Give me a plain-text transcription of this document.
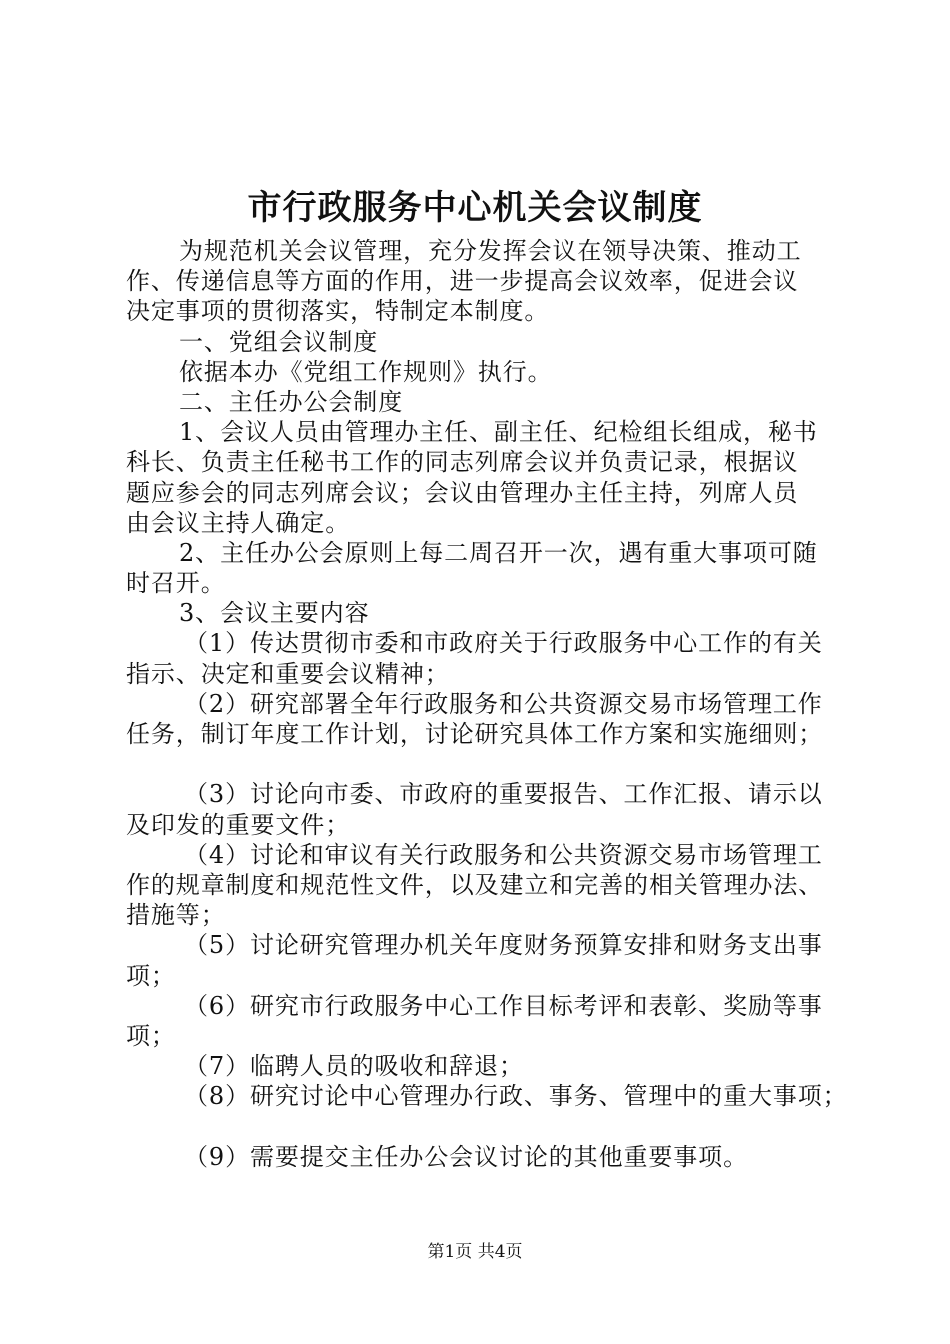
市行政服务中心机关会议制度
为规范机关会议管理，充分发挥会议在领导决策、推动工
作、传递信息等方面的作用，进一步提高会议效率，促进会议
决定事项的贯彻落实，特制定本制度。
一、党组会议制度
依据本办《党组工作规则》执行。
二、主任办公会制度
1、会议人员由管理办主任、副主任、纪检组长组成，秘书
科长、负责主任秘书工作的同志列席会议并负责记录，根据议
题应参会的同志列席会议；会议由管理办主任主持，列席人员
由会议主持人确定。
2、主任办公会原则上每二周召开一次，遇有重大事项可随
时召开。
3、会议主要内容
（1）传达贯彻市委和市政府关于行政服务中心工作的有关
指示、决定和重要会议精神；
（2）研究部署全年行政服务和公共资源交易市场管理工作
任务，制订年度工作计划，讨论研究具体工作方案和实施细则；
（3）讨论向市委、市政府的重要报告、工作汇报、请示以
及印发的重要文件；
（4）讨论和审议有关行政服务和公共资源交易市场管理工
作的规章制度和规范性文件，以及建立和完善的相关管理办法、
措施等；
（5）讨论研究管理办机关年度财务预算安排和财务支出事
项；
（6）研究市行政服务中心工作目标考评和表彰、奖励等事
项；
（7）临聘人员的吸收和辞退；
（8）研究讨论中心管理办行政、事务、管理中的重大事项；
（9）需要提交主任办公会议讨论的其他重要事项。
第1页 共4页
